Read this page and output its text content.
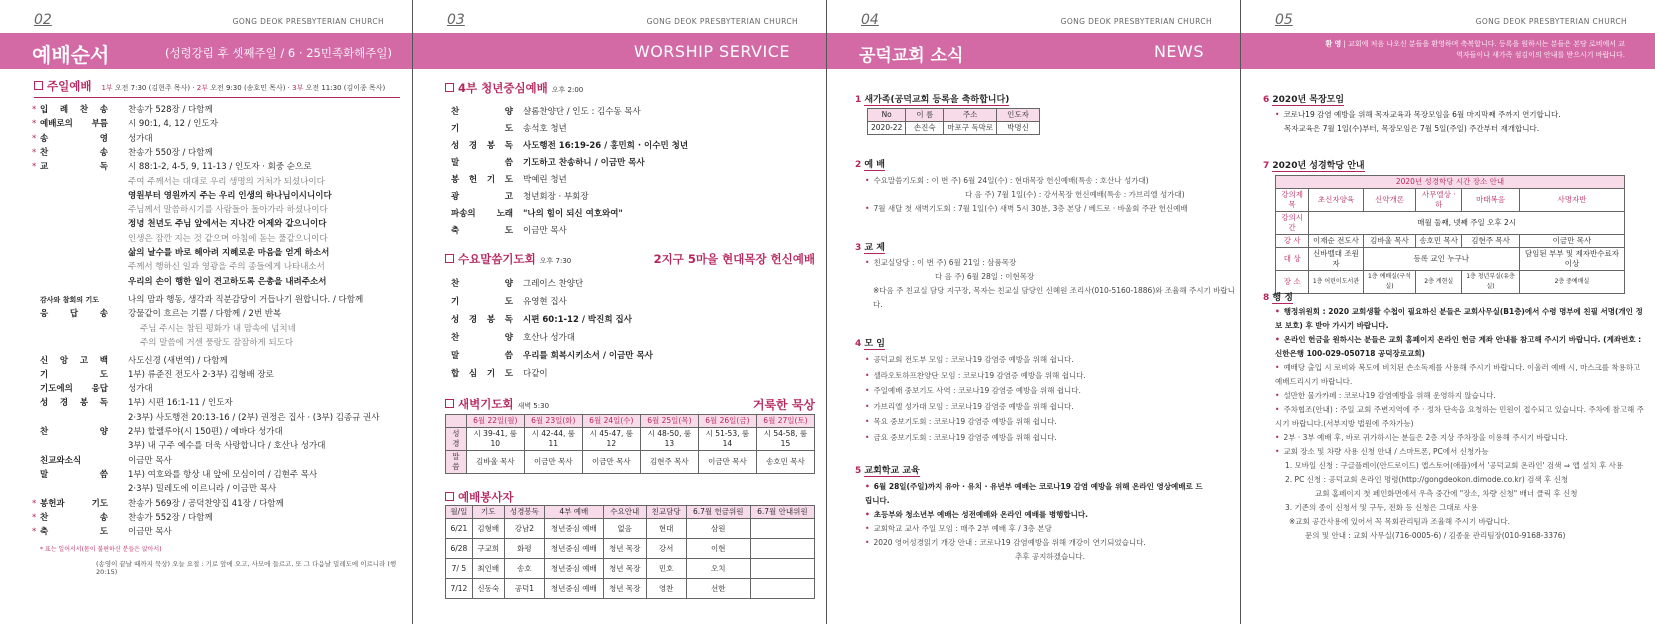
02	GONG DEOK PRESBYTERIAN CHURCH
예배순서	(성령강림 후 셋째주일 / 6 · 25민족화해주일)
주일예배 1부 오전 7:30 (김현주 목사) · 2부 오전 9:30 (송호민 목사) · 3부 오전 11:30 (김이종 목사)
* 입 례 찬 송 찬송가 528장 / 다함께
* 예배로의 부름 시 90:1, 4, 12 / 인도자
* 송 영 성가대
* 찬 송 찬송가 550장 / 다함께
* 교 독 시 88:1-2, 4-5, 9, 11-13 / 인도자 · 회중 순으로
주여 주께서는 대대로 우리 생명의 거처가 되셨나이다
영원부터 영원까지 주는 우리 인생의 하나님이시니이다
주님께서 말씀하시기를 사람들아 돌아가라 하셨나이다
정녕 천년도 주님 앞에서는 지나간 어제와 같으니이다
인생은 잠깐 지는 것 같으며 아침에 돋는 풀같으니이다
삶의 날수를 바로 헤아려 지혜로운 마음을 얻게 하소서
주께서 행하신 일과 영광을 주의 종들에게 나타내소서
우리의 손이 행한 일이 견고하도록 은총을 내려주소서
감사와 참회의 기도	나의 맘과 행동, 생각과 직분감당이 거듭나기 원합니다. / 다함께
응 답 송 강물같이 흐르는 기쁨 / 다함께 / 2번 반복
주님 주시는 참된 평화가 내 맘속에 넘치네
주의 말씀에 거센 풍랑도 잠잠하게 되도다
신 앙 고 백 사도신경 (새번역) / 다함께
기 도 1부) 류준진 전도사 2·3부) 김형배 장로
기도에의 응답 성가대
성 경 봉 독 1부) 시편 16:1-11 / 인도자
2·3부) 사도행전 20:13-16 / (2부) 권정은 집사 · (3부) 김종규 권사
찬 양 2부) 할렐루야(시 150편) / 예바다 성가대
3부) 내 구주 예수를 더욱 사랑합니다 / 호산나 성가대
친교와소식	이금만 목사
말 씀 1부) 여호와를 항상 내 앞에 모심이여 / 김현주 목사
2·3부) 밀레도에 이르니라 / 이금만 목사
* 봉헌과 기도 찬송가 569장 / 공덕찬양집 41장 / 다함께
* 찬 송 찬송가 552장 / 다함께
* 축 도 이금만 목사
* 표는 일어서서(몸이 불편하신 분들은 앉아서)
(송영이 끝날 때까지 묵상) 오늘 요절 : 기로 앞에 오고, 사모에 들르고, 또 그 다음날 밀레도에 이르니라 (행 20:15)
03	GONG DEOK PRESBYTERIAN CHURCH
WORSHIP SERVICE
4부 청년중심예배 오후 2:00
찬 양 샬롬찬양단 / 인도 : 김수동 목사
기 도 송석호 청년
성 경 봉 독 사도행전 16:19-26 / 홍민희 · 이수민 청년
말 씀 기도하고 찬송하니 / 이금만 목사
봉 헌 기 도 박예린 청년
광 고 청년회장 · 부회장
파송의 노래 "나의 힘이 되신 여호와여"
축 도 이금만 목사
수요말씀기도회 오후 7:30	2지구 5마을 현대목장 헌신예배
찬 양 그레이스 찬양단
기 도 유영현 집사
성 경 봉 독 시편 60:1-12 / 박진희 집사
찬 양 호산나 성가대
말 씀 우리를 회복시키소서 / 이금만 목사
합 심 기 도 다같이
새벽기도회 새벽 5:30	거룩한 묵상
	6월 22일(월)	6월 23일(화)	6월 24일(수)	6월 25일(목)	6월 26일(금)	6월 27일(토)
성경	시 39-41, 룸 10	시 42-44, 룸 11	시 45-47, 룸 12	시 48-50, 룸 13	시 51-53, 룸 14	시 54-58, 룸 15
말씀	김바울 목사	이금만 목사	이금만 목사	김현주 목사	이금만 목사	송호민 목사
예배봉사자
월/일	기도	성경봉독	4부 예배	수요안내	친교담당	6.7월 헌금위원	6.7월 안내위원
6/21	김형배	강남2	청년중심 예배	없음	현대	삼원	
6/28	구교희	화평	청년중심 예배	청년 목장	강서	이현	
7/ 5	최인배	송호	청년중심 예배	청년 목장	민호	오치	
7/12	신동숙	공덕1	청년중심 예배	청년 목장	영찬	선한	
04	GONG DEOK PRESBYTERIAN CHURCH
공덕교회 소식	NEWS
1 새가족(공덕교회 등록을 축하합니다)
No	이 름	주소	인도자
2020-22	손진숙	마포구 독막로	박명신
2 예 배
• 수요말씀기도회 : 이 번 주) 6월 24일(수) : 현대목장 헌신예배(특송 : 호산나 성가대)
다 음 주) 7월 1일(수) : 강서목장 헌신예배(특송 : 가브리엘 성가대)
• 7월 새달 첫 새벽기도회 : 7월 1일(수) 새벽 5시 30분, 3층 본당 / 베드로 · 바울회 주관 헌신예배
3 교 제
• 친교실당당 : 이 번 주) 6월 21일 : 삼품목장
다 음 주) 6월 28일 : 이현목장
※다음 주 친교실 담당 지구장, 목자는 친교실 담당인 신혜원 조리사(010-5160-1886)와 조율해 주시기 바랍니다.
4 모 임
• 공덕교회 전도부 모임 : 코로나19 감염증 예방을 위해 쉽니다.
• 셀라오토하프찬양단 모임 : 코로나19 감염증 예방을 위해 쉽니다.
• 주일예배 중보기도 사역 : 코로나19 감염증 예방을 위해 쉽니다.
• 가브리엘 성가대 모임 : 코로나19 감염증 예방을 위해 쉽니다.
• 목요 중보기도회 : 코로나19 감염증 예방을 위해 쉽니다.
• 금요 중보기도회 : 코로나19 감염증 예방을 위해 쉽니다.
5 교회학교 교육
• 6월 28일(주일)까지 유아 · 유치 · 유년부 예배는 코로나19 감염 예방을 위해 온라인 영상예배로 드립니다.
• 초등부와 청소년부 예배는 성전예배와 온라인 예배를 병행합니다.
• 교회학교 교사 주일 모임 : 매주 2부 예배 후 / 3층 본당
• 2020 영어성경읽기 개강 안내 : 코로나19 감염예방을 위해 개강이 연기되었습니다.
추후 공지하겠습니다.
05	GONG DEOK PRESBYTERIAN CHURCH
환 영 | 교회에 처음 나오신 분들을 환영하며 축복합니다. 등록을 원하시는 분들은 본당 로비에서 교역자들이나 새가족 섬김이의 안내를 받으시기 바랍니다.
6 2020년 목장모임
• 코로나19 감염 예방을 위해 목자교육과 목장모임을 6월 마지막째 주까지 연기합니다.
목자교육은 7월 1일(수)부터, 목장모임은 7월 5일(주일) 주간부터 재개합니다.
7 2020년 성경학당 안내
2020년 성경학당 시간 장소 안내					
강의제목	초신자양육	신약개론	사무엘상 · 하	마태복음	사명자반
강의시간	매월 둘째, 넷째 주일 오후 2시				
강 사	이재순 전도사	김바울 목사	송호민 목사	김현주 목사	이금만 목사
대 상	신바벨대 조원자	등록 교인 누구나			담임된 부부 및 제자반수료자 이상
장 소	1층 어린이도서관	1층 예배실(구석실)	2층 계현실	1층 청년부실(유층실)	2층 중예배실
8 행 정
• 행정위원회 : 2020 교회생활 수첩이 필요하신 분들은 교회사무실(B1층)에서 수령 명부에 친필 서명(개인 정보 보호) 후 받아 가시기 바랍니다.
• 온라인 헌금을 원하시는 분들은 교회 홈페이지 온라인 헌금 계좌 안내를 참고해 주시기 바랍니다. (계좌번호 : 신한은행 100-029-050718 공덕장로교회)
• 예배당 출입 시 로비와 복도에 비치된 손소독제를 사용해 주시기 바랍니다. 이울러 예배 시, 마스크를 착용하고 예배드리시기 바랍니다.
• 설만한 물가카페 : 코로나19 감염예방을 위해 운영하지 않습니다.
• 주차협조(안내) : 주일 교회 주변지역에 주 · 정차 단속을 요청하는 민원이 접수되고 있습니다. 주차에 참고해 주시기 바랍니다.(서부지방 법원에 주차가능)
• 2부 · 3부 예배 후, 바로 귀가하시는 분들은 2층 지상 주차장을 이용해 주시기 바랍니다.
• 교회 장소 및 차량 사용 신청 안내 / 스마트폰, PC에서 신청가능
1. 모바일 신청 : 구글플레이(안드로이드) 앱스토어(애플)에서 '공덕교회 온라인' 검색 ⇒ 앱 설치 후 사용
2. PC 신청 : 공덕교회 온라인 명령(http://gongdeokon.dimode.co.kr) 검색 후 신청
교회 홈페이지 첫 페인화면에서 우측 중간에 "장소, 차량 신청" 배너 클릭 후 신청
3. 기존의 종이 신청서 및 구두, 전화 등 신청은 그대로 사용
※교회 공간사용에 있어서 꼭 목회관리팀과 조율해 주시기 바랍니다.
문의 및 안내 : 교회 사무실(716-0005-6) / 김종윤 관리팀장(010-9168-3376)
